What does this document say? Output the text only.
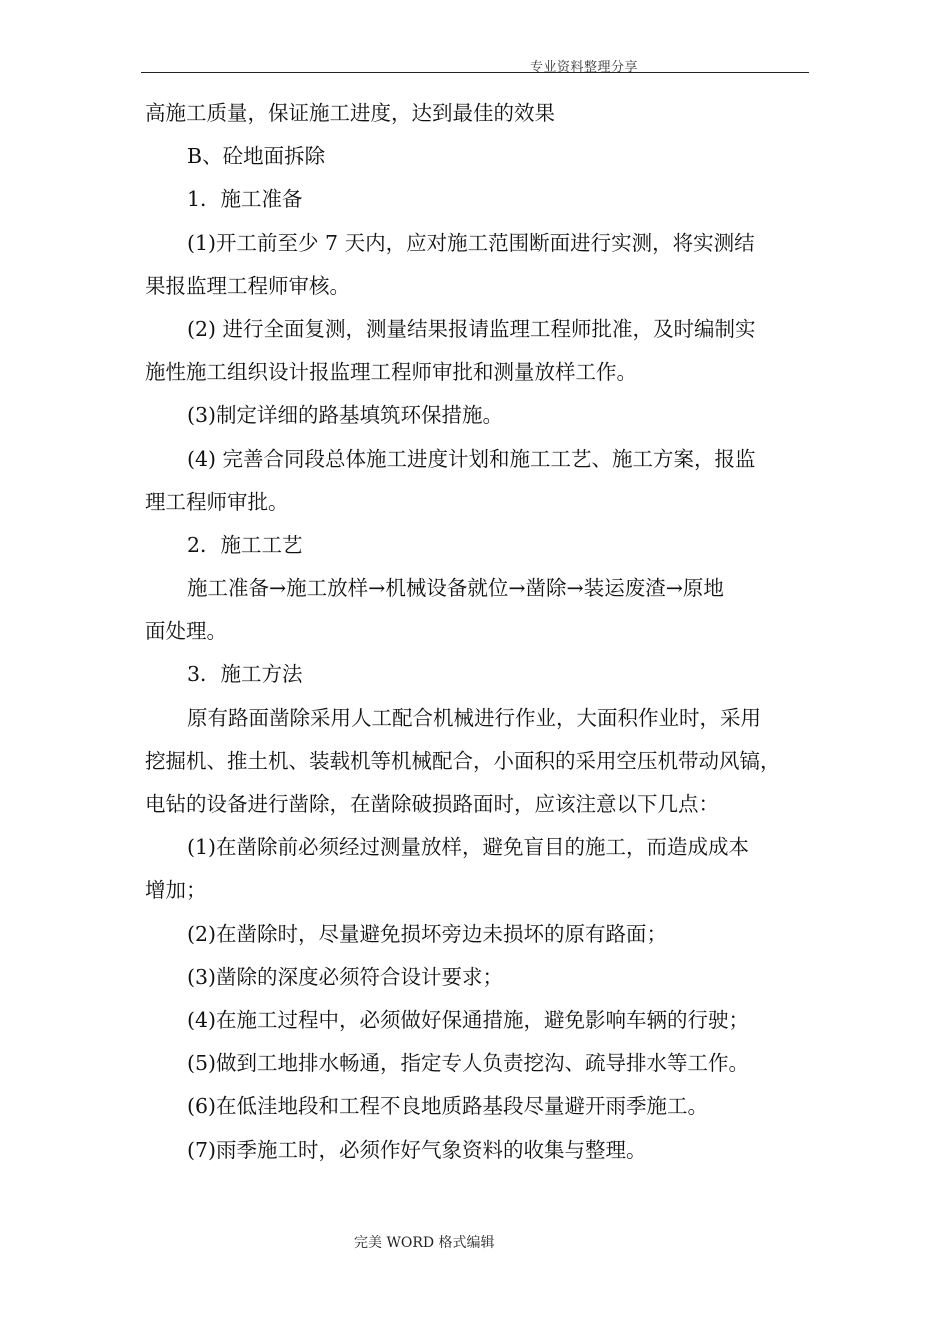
专业资料整理分享
高施工质量，保证施工进度，达到最佳的效果
B、砼地面拆除
1．施工准备
(1)开工前至少 7 天内，应对施工范围断面进行实测，将实测结
果报监理工程师审核。
(2) 进行全面复测，测量结果报请监理工程师批准，及时编制实
施性施工组织设计报监理工程师审批和测量放样工作。
(3)制定详细的路基填筑环保措施。
(4) 完善合同段总体施工进度计划和施工工艺、施工方案，报监
理工程师审批。
2．施工工艺
施工准备→施工放样→机械设备就位→凿除→装运废渣→原地
面处理。
3．施工方法
原有路面凿除采用人工配合机械进行作业，大面积作业时，采用
挖掘机、推土机、装载机等机械配合，小面积的采用空压机带动风镐，
电钻的设备进行凿除，在凿除破损路面时，应该注意以下几点：
(1)在凿除前必须经过测量放样，避免盲目的施工，而造成成本
增加；
(2)在凿除时，尽量避免损坏旁边未损坏的原有路面；
(3)凿除的深度必须符合设计要求；
(4)在施工过程中，必须做好保通措施，避免影响车辆的行驶；
(5)做到工地排水畅通，指定专人负责挖沟、疏导排水等工作。
(6)在低洼地段和工程不良地质路基段尽量避开雨季施工。
(7)雨季施工时，必须作好气象资料的收集与整理。
完美 WORD 格式编辑
